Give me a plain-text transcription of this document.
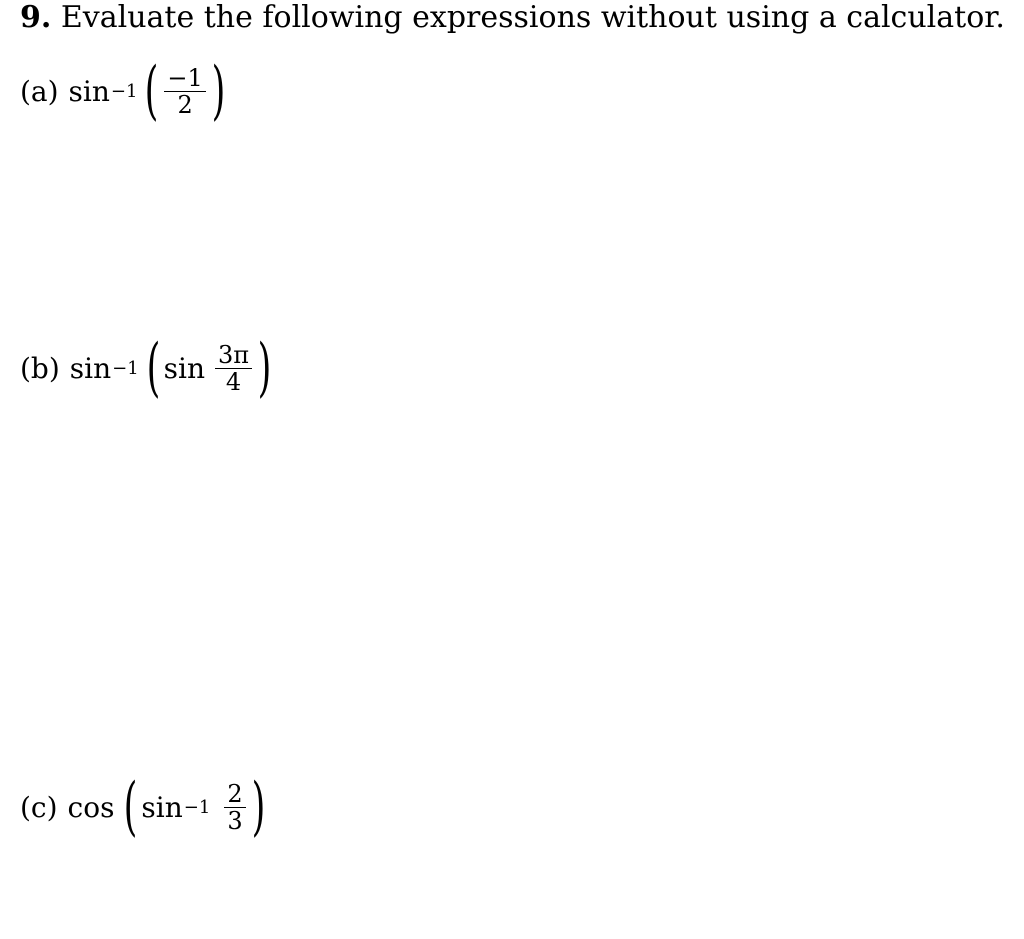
9. Evaluate the following expressions without using a calculator.
(a) sin −1 ( $\frac{-1}{2}$ )
(b) sin −1 ( $\sin \frac{3\pi}{4}$ )
(c) cos ( $\sin -1 \frac{2}{3}$ )
